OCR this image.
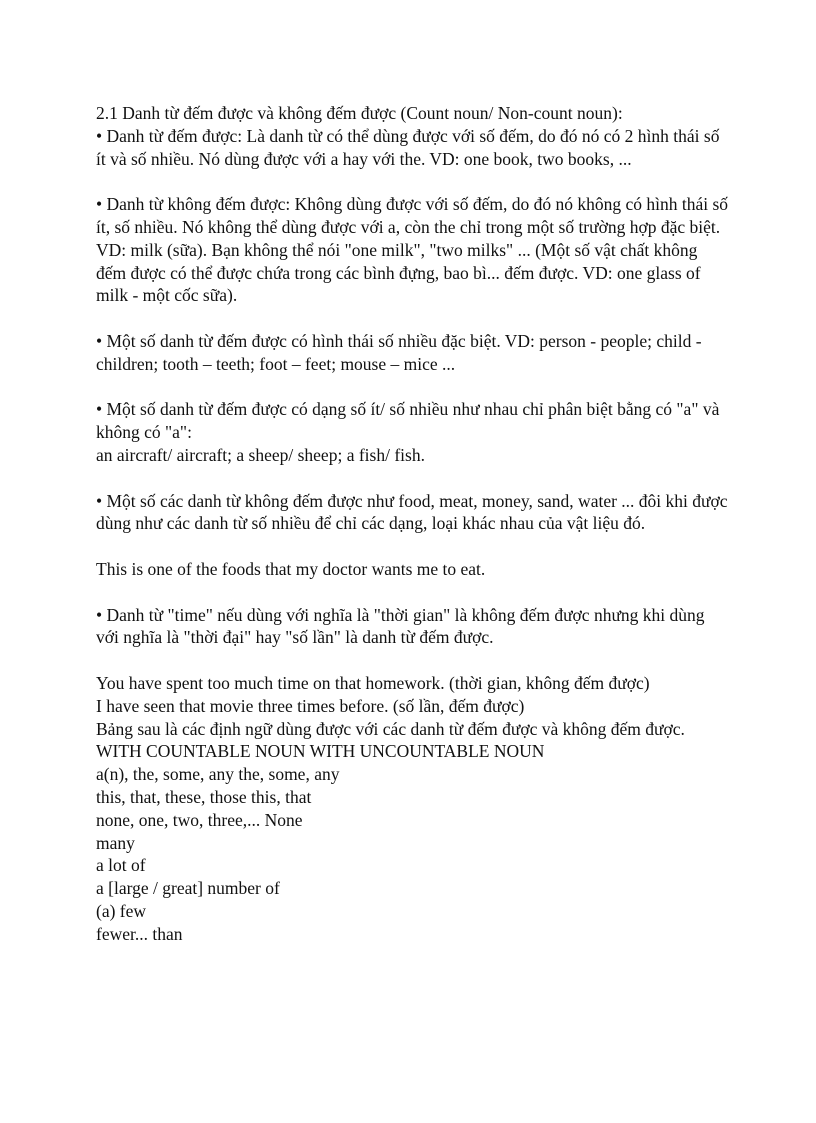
2.1 Danh từ đếm được và không đếm được (Count noun/ Non-count noun):

• Danh từ đếm được: Là danh từ có thể dùng được với số đếm, do đó nó có 2 hình thái số ít và số nhiều. Nó dùng được với a hay với the. VD: one book, two books, ...

• Danh từ không đếm được: Không dùng được với số đếm, do đó nó không có hình thái số ít, số nhiều. Nó không thể dùng được với a, còn the chỉ trong một số trường hợp đặc biệt. VD: milk (sữa). Bạn không thể nói "one milk", "two milks" ... (Một số vật chất không đếm được có thể được chứa trong các bình đựng, bao bì... đếm được. VD: one glass of milk - một cốc sữa).

• Một số danh từ đếm được có hình thái số nhiều đặc biệt. VD: person - people; child - children; tooth – teeth; foot – feet; mouse – mice ...

• Một số danh từ đếm được có dạng số ít/ số nhiều như nhau chỉ phân biệt bằng có "a" và không có "a":

an aircraft/ aircraft; a sheep/ sheep; a fish/ fish.

• Một số các danh từ không đếm được như food, meat, money, sand, water ... đôi khi được dùng như các danh từ số nhiều để chỉ các dạng, loại khác nhau của vật liệu đó.

This is one of the foods that my doctor wants me to eat.

• Danh từ "time" nếu dùng với nghĩa là "thời gian" là không đếm được nhưng khi dùng với nghĩa là "thời đại" hay "số lần" là danh từ đếm được.

You have spent too much time on that homework. (thời gian, không đếm được)

I have seen that movie three times before. (số lần, đếm được)

Bảng sau là các định ngữ dùng được với các danh từ đếm được và không đếm được.

WITH COUNTABLE NOUN WITH UNCOUNTABLE NOUN

a(n), the, some, any the, some, any

this, that, these, those this, that

none, one, two, three,... None

many

a lot of

a [large / great] number of

(a) few

fewer... than
